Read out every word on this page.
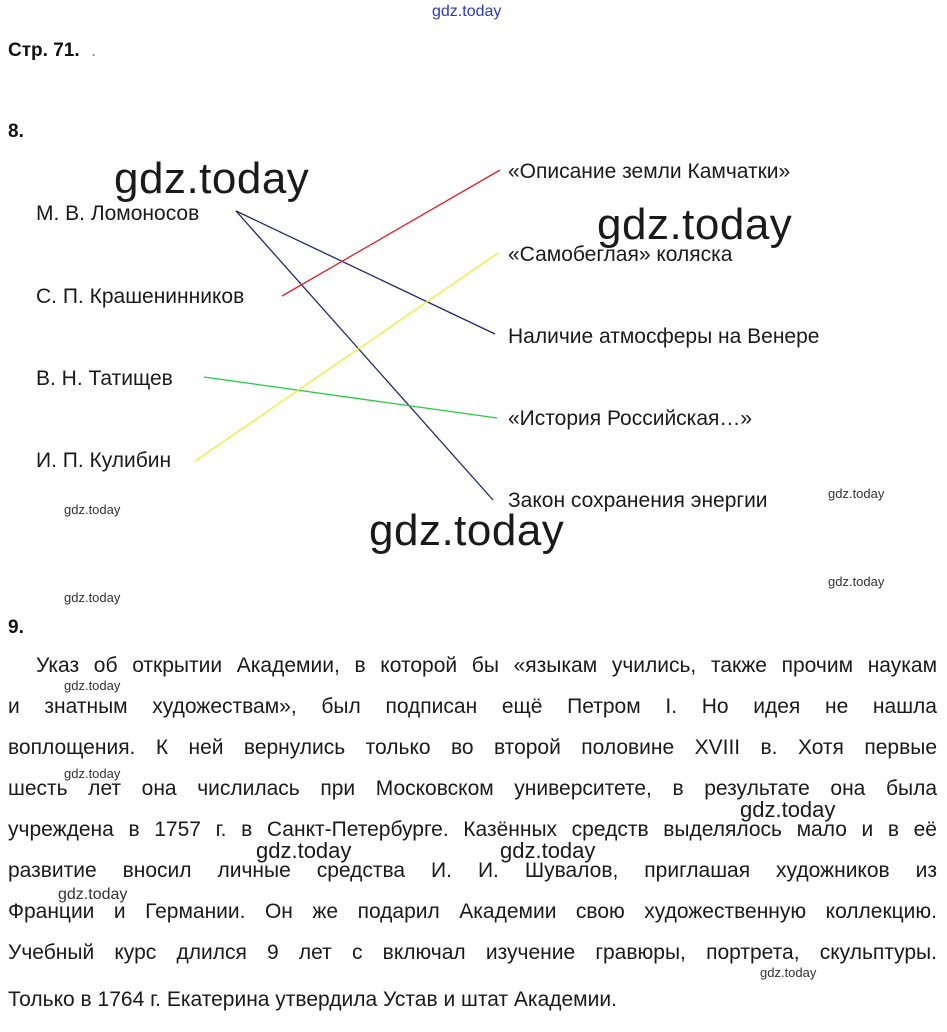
gdz.today
Стр. 71. .
8.
М. В. Ломоносов
С. П. Крашенинников
В. Н. Татищев
И. П. Кулибин
«Описание земли Камчатки»
«Самобеглая» коляска
Наличие атмосферы на Венере
«История Российская…»
Закон сохранения энергии
gdz.today
gdz.today
gdz.today
gdz.today
gdz.today
gdz.today
gdz.today
9.
Указ об открытии Академии, в которой бы «языкам учились, также прочим наукам
и знатным художествам», был подписан ещё Петром I. Но идея не нашла
воплощения. К ней вернулись только во второй половине XVIII в. Хотя первые
шесть лет она числилась при Московском университете, в результате она была
учреждена в 1757 г. в Санкт-Петербурге. Казённых средств выделялось мало и в её
развитие вносил личные средства И. И. Шувалов, приглашая художников из
Франции и Германии. Он же подарил Академии свою художественную коллекцию.
Учебный курс длился 9 лет с включал изучение гравюры, портрета, скульптуры.
Только в 1764 г. Екатерина утвердила Устав и штат Академии.
gdz.today
gdz.today
gdz.today
gdz.today	gdz.today
gdz.today
gdz.today
